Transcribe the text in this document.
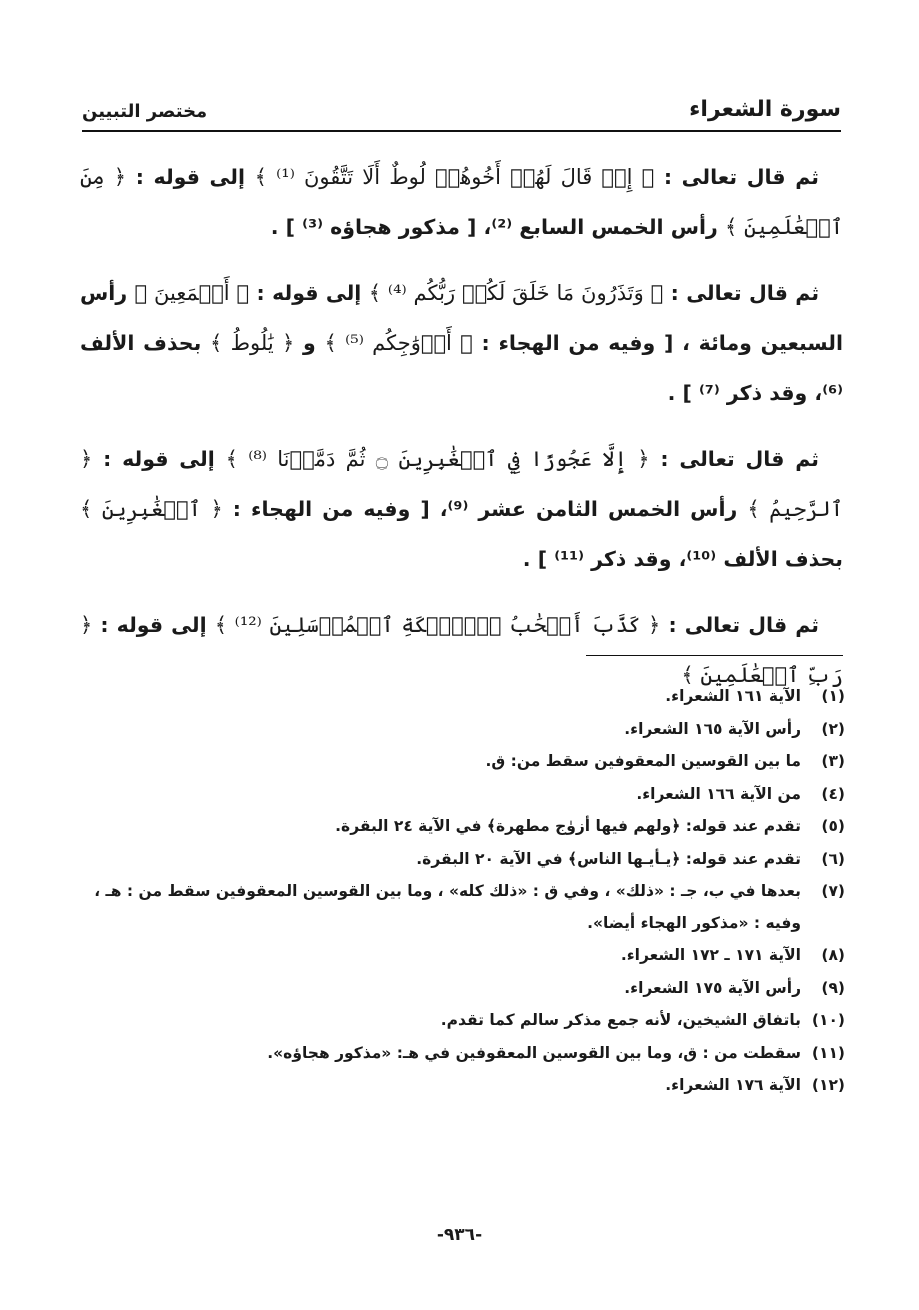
سورة الشعراء
مختصر التبيين

ثم قال تعالى : ﴿ إِذۡ قَالَ لَهُمۡ أَخُوهُمۡ لُوطٌ أَلَا تَتَّقُونَ ⁽¹⁾ ﴾ إلى قوله : ﴿ مِنَ ٱلۡعَٰلَمِينَ ﴾ رأس الخمس السابع ⁽²⁾، [ مذكور هجاؤه ⁽³⁾ ] .

ثم قال تعالى : ﴿ وَتَذَرُونَ مَا خَلَقَ لَكُمۡ رَبُّكُم ⁽⁴⁾ ﴾ إلى قوله : ﴿ أَجۡمَعِينَ ﴾ رأس السبعين ومائة ، [ وفيه من الهجاء : ﴿ أَزۡوَٰجِكُم ⁽⁵⁾ ﴾ و ﴿ يَٰلُوطُ ﴾ بحذف الألف ⁽⁶⁾، وقد ذكر ⁽⁷⁾ ] .

ثم قال تعالى : ﴿ إِلَّا عَجُوزًا فِي ٱلۡغَٰبِرِينَ ۝ ثُمَّ دَمَّرۡنَا ⁽⁸⁾ ﴾ إلى قوله : ﴿ ٱلرَّحِيمُ ﴾ رأس الخمس الثامن عشر ⁽⁹⁾، [ وفيه من الهجاء : ﴿ ٱلۡغَٰبِرِينَ ﴾ بحذف الألف ⁽¹⁰⁾، وقد ذكر ⁽¹¹⁾ ] .

ثم قال تعالى : ﴿ كَذَّبَ أَصۡحَٰبُ لَۡٔيۡكَةِ ٱلۡمُرۡسَلِينَ ⁽¹²⁾ ﴾ إلى قوله : ﴿ رَبِّ ٱلۡعَٰلَمِينَ ﴾

(١)
الآية ١٦١ الشعراء.
(٢)
رأس الآية ١٦٥ الشعراء.
(٣)
ما بين القوسين المعقوفين سقط من: ق.
(٤)
من الآية ١٦٦ الشعراء.
(٥)
تقدم عند قوله: ﴿ولهم فيها أزوٰج مطهرة﴾ في الآية ٢٤ البقرة.
(٦)
تقدم عند قوله: ﴿يـأيـها الناس﴾ في الآية ٢٠ البقرة.
(٧)
بعدها في ب، جـ : «ذلك» ، وفي ق : «ذلك كله» ، وما بين القوسين المعقوفين سقط من : هـ ، وفيه : «مذكور الهجاء أيضا».
(٨)
الآية ١٧١ ـ ١٧٢ الشعراء.
(٩)
رأس الآية ١٧٥ الشعراء.
(١٠)
باتفاق الشيخين، لأنه جمع مذكر سالم كما تقدم.
(١١)
سقطت من : ق، وما بين القوسين المعقوفين في هـ: «مذكور هجاؤه».
(١٢)
الآية ١٧٦ الشعراء.
-٩٣٦-
